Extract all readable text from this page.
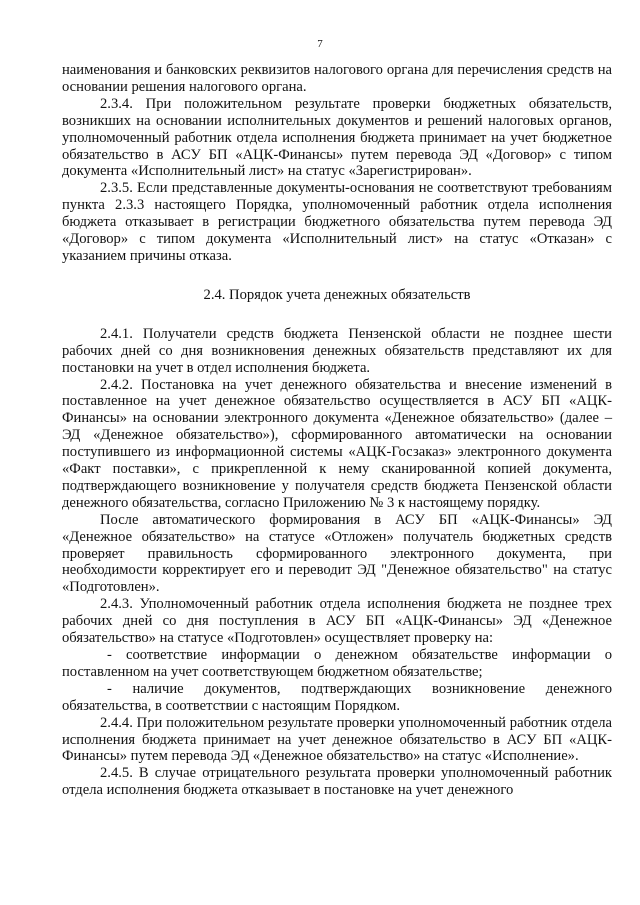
7

наименования и банковских реквизитов налогового органа для перечисления средств на основании решения налогового органа.

2.3.4. При положительном результате проверки бюджетных обязательств, возникших на основании исполнительных документов и решений налоговых органов, уполномоченный работник отдела исполнения бюджета принимает на учет бюджетное обязательство в АСУ БП «АЦК-Финансы» путем перевода ЭД «Договор» с типом документа «Исполнительный лист» на статус «Зарегистрирован».

2.3.5. Если представленные документы-основания не соответствуют требованиям пункта 2.3.3 настоящего Порядка, уполномоченный работник отдела исполнения бюджета отказывает в регистрации бюджетного обязательства путем перевода ЭД «Договор» с типом документа «Исполнительный лист» на статус «Отказан» с указанием причины отказа.

2.4. Порядок учета денежных обязательств

2.4.1. Получатели средств бюджета Пензенской области не позднее шести рабочих дней со дня возникновения денежных обязательств представляют их для постановки на учет в отдел исполнения бюджета.

2.4.2. Постановка на учет денежного обязательства и внесение изменений в поставленное на учет денежное обязательство осуществляется в АСУ БП «АЦК-Финансы» на основании электронного документа «Денежное обязательство» (далее – ЭД «Денежное обязательство»), сформированного автоматически на основании поступившего из информационной системы «АЦК-Госзаказ» электронного документа «Факт поставки», с прикрепленной к нему сканированной копией документа, подтверждающего возникновение у получателя средств бюджета Пензенской области денежного обязательства, согласно Приложению № 3 к настоящему порядку.

После автоматического формирования в АСУ БП «АЦК-Финансы» ЭД «Денежное обязательство» на статусе «Отложен» получатель бюджетных средств проверяет правильность сформированного электронного документа, при необходимости корректирует его и переводит ЭД "Денежное обязательство" на статус «Подготовлен».

2.4.3. Уполномоченный работник отдела исполнения бюджета не позднее трех рабочих дней со дня поступления в АСУ БП «АЦК-Финансы» ЭД «Денежное обязательство» на статусе «Подготовлен» осуществляет проверку на:

- соответствие информации о денежном обязательстве информации о поставленном на учет соответствующем бюджетном обязательстве;

- наличие документов, подтверждающих возникновение денежного обязательства, в соответствии с настоящим Порядком.

2.4.4. При положительном результате проверки уполномоченный работник отдела исполнения бюджета принимает на учет денежное обязательство в АСУ БП «АЦК-Финансы» путем перевода ЭД «Денежное обязательство» на статус «Исполнение».

2.4.5. В случае отрицательного результата проверки уполномоченный работник отдела исполнения бюджета отказывает в постановке на учет денежного
